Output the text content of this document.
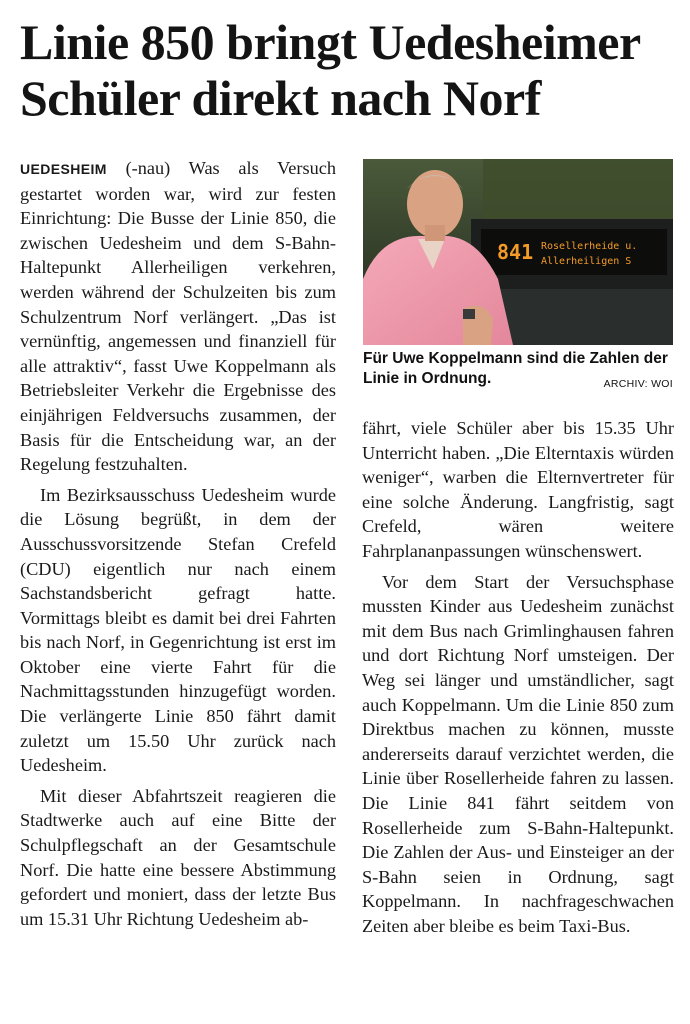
Linie 850 bringt Uedesheimer
Schüler direkt nach Norf

UEDESHEIM (-nau) Was als Versuch gestartet worden war, wird zur festen Einrichtung: Die Busse der Linie 850, die zwischen Uedesheim und dem S-Bahn-Haltepunkt Allerheiligen verkehren, werden während der Schulzeiten bis zum Schulzentrum Norf verlängert. „Das ist vernünftig, angemessen und finanziell für alle attraktiv“, fasst Uwe Koppelmann als Betriebsleiter Verkehr die Ergebnisse des einjährigen Feldversuchs zusammen, der Basis für die Entscheidung war, an der Regelung festzuhalten.

Im Bezirksausschuss Uedesheim wurde die Lösung begrüßt, in dem der Ausschussvorsitzende Stefan Crefeld (CDU) eigentlich nur nach einem Sachstandsbericht gefragt hatte. Vormittags bleibt es damit bei drei Fahrten bis nach Norf, in Gegenrichtung ist erst im Oktober eine vierte Fahrt für die Nachmittagsstunden hinzugefügt worden. Die verlängerte Linie 850 fährt damit zuletzt um 15.50 Uhr zurück nach Uedesheim.

Mit dieser Abfahrtszeit reagieren die Stadtwerke auch auf eine Bitte der Schulpflegschaft an der Gesamtschule Norf. Die hatte eine bessere Abstimmung gefordert und moniert, dass der letzte Bus um 15.31 Uhr Richtung Uedesheim ab-

841 Rosellerheide u.
Allerheiligen S
Für Uwe Koppelmann sind die Zahlen der Linie in Ordnung.	ARCHIV: WOI

fährt, viele Schüler aber bis 15.35 Uhr Unterricht haben. „Die Elterntaxis würden weniger“, warben die Elternvertreter für eine solche Änderung. Langfristig, sagt Crefeld, wären weitere Fahrplananpassungen wünschenswert.

Vor dem Start der Versuchsphase mussten Kinder aus Uedesheim zunächst mit dem Bus nach Grimlinghausen fahren und dort Richtung Norf umsteigen. Der Weg sei länger und umständlicher, sagt auch Koppelmann. Um die Linie 850 zum Direktbus machen zu können, musste andererseits darauf verzichtet werden, die Linie über Rosellerheide fahren zu lassen. Die Linie 841 fährt seitdem von Rosellerheide zum S-Bahn-Haltepunkt. Die Zahlen der Aus- und Einsteiger an der S-Bahn seien in Ordnung, sagt Koppelmann. In nachfrageschwachen Zeiten aber bleibe es beim Taxi-Bus.
